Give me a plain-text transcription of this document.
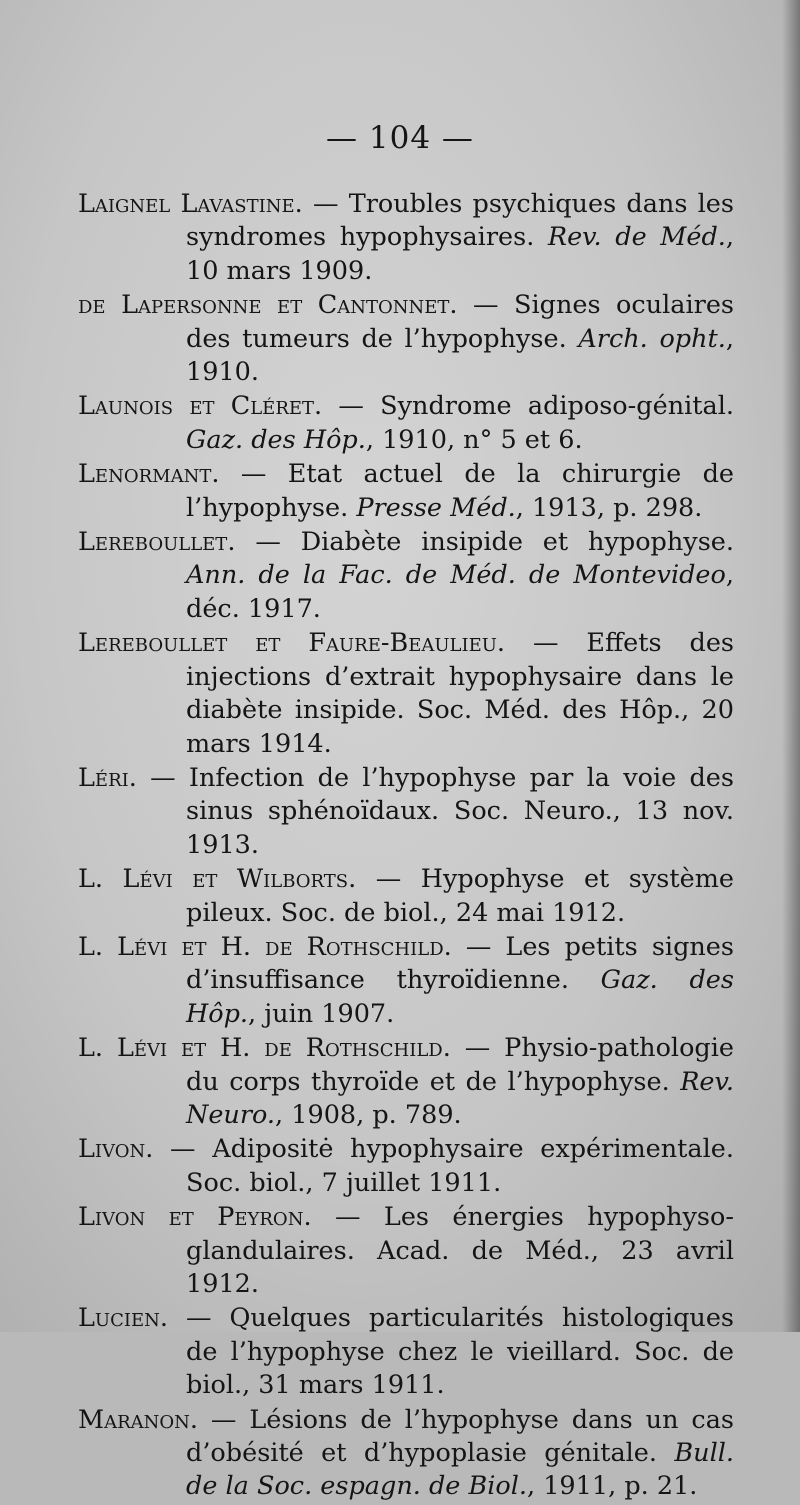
— 104 —

Laignel Lavastine. — Troubles psychiques dans les syndromes hypophysaires. Rev. de Méd., 10 mars 1909.

de Lapersonne et Cantonnet. — Signes oculaires des tumeurs de l’hypophyse. Arch. opht., 1910.

Launois et Cléret. — Syndrome adiposo-génital. Gaz. des Hôp., 1910, n° 5 et 6.

Lenormant. — Etat actuel de la chirurgie de l’hypophyse. Presse Méd., 1913, p. 298.

Lereboullet. — Diabète insipide et hypophyse. Ann. de la Fac. de Méd. de Montevideo, déc. 1917.

Lereboullet et Faure-Beaulieu. — Effets des injections d’extrait hypophysaire dans le diabète insipide. Soc. Méd. des Hôp., 20 mars 1914.

Léri. — Infection de l’hypophyse par la voie des sinus sphénoïdaux. Soc. Neuro., 13 nov. 1913.

L. Lévi et Wilborts. — Hypophyse et système pileux. Soc. de biol., 24 mai 1912.

L. Lévi et H. de Rothschild. — Les petits signes d’insuffisance thyroïdienne. Gaz. des Hôp., juin 1907.

L. Lévi et H. de Rothschild. — Physio-pathologie du corps thyroïde et de l’hypophyse. Rev. Neuro., 1908, p. 789.

Livon. — Adipositė hypophysaire expérimentale. Soc. biol., 7 juillet 1911.

Livon et Peyron. — Les énergies hypophyso-glandulaires. Acad. de Méd., 23 avril 1912.

Lucien. — Quelques particularités histologiques de l’hypophyse chez le vieillard. Soc. de biol., 31 mars 1911.

Maranon. — Lésions de l’hypophyse dans un cas d’obésité et d’hypoplasie génitale. Bull. de la Soc. espagn. de Biol., 1911, p. 21.
